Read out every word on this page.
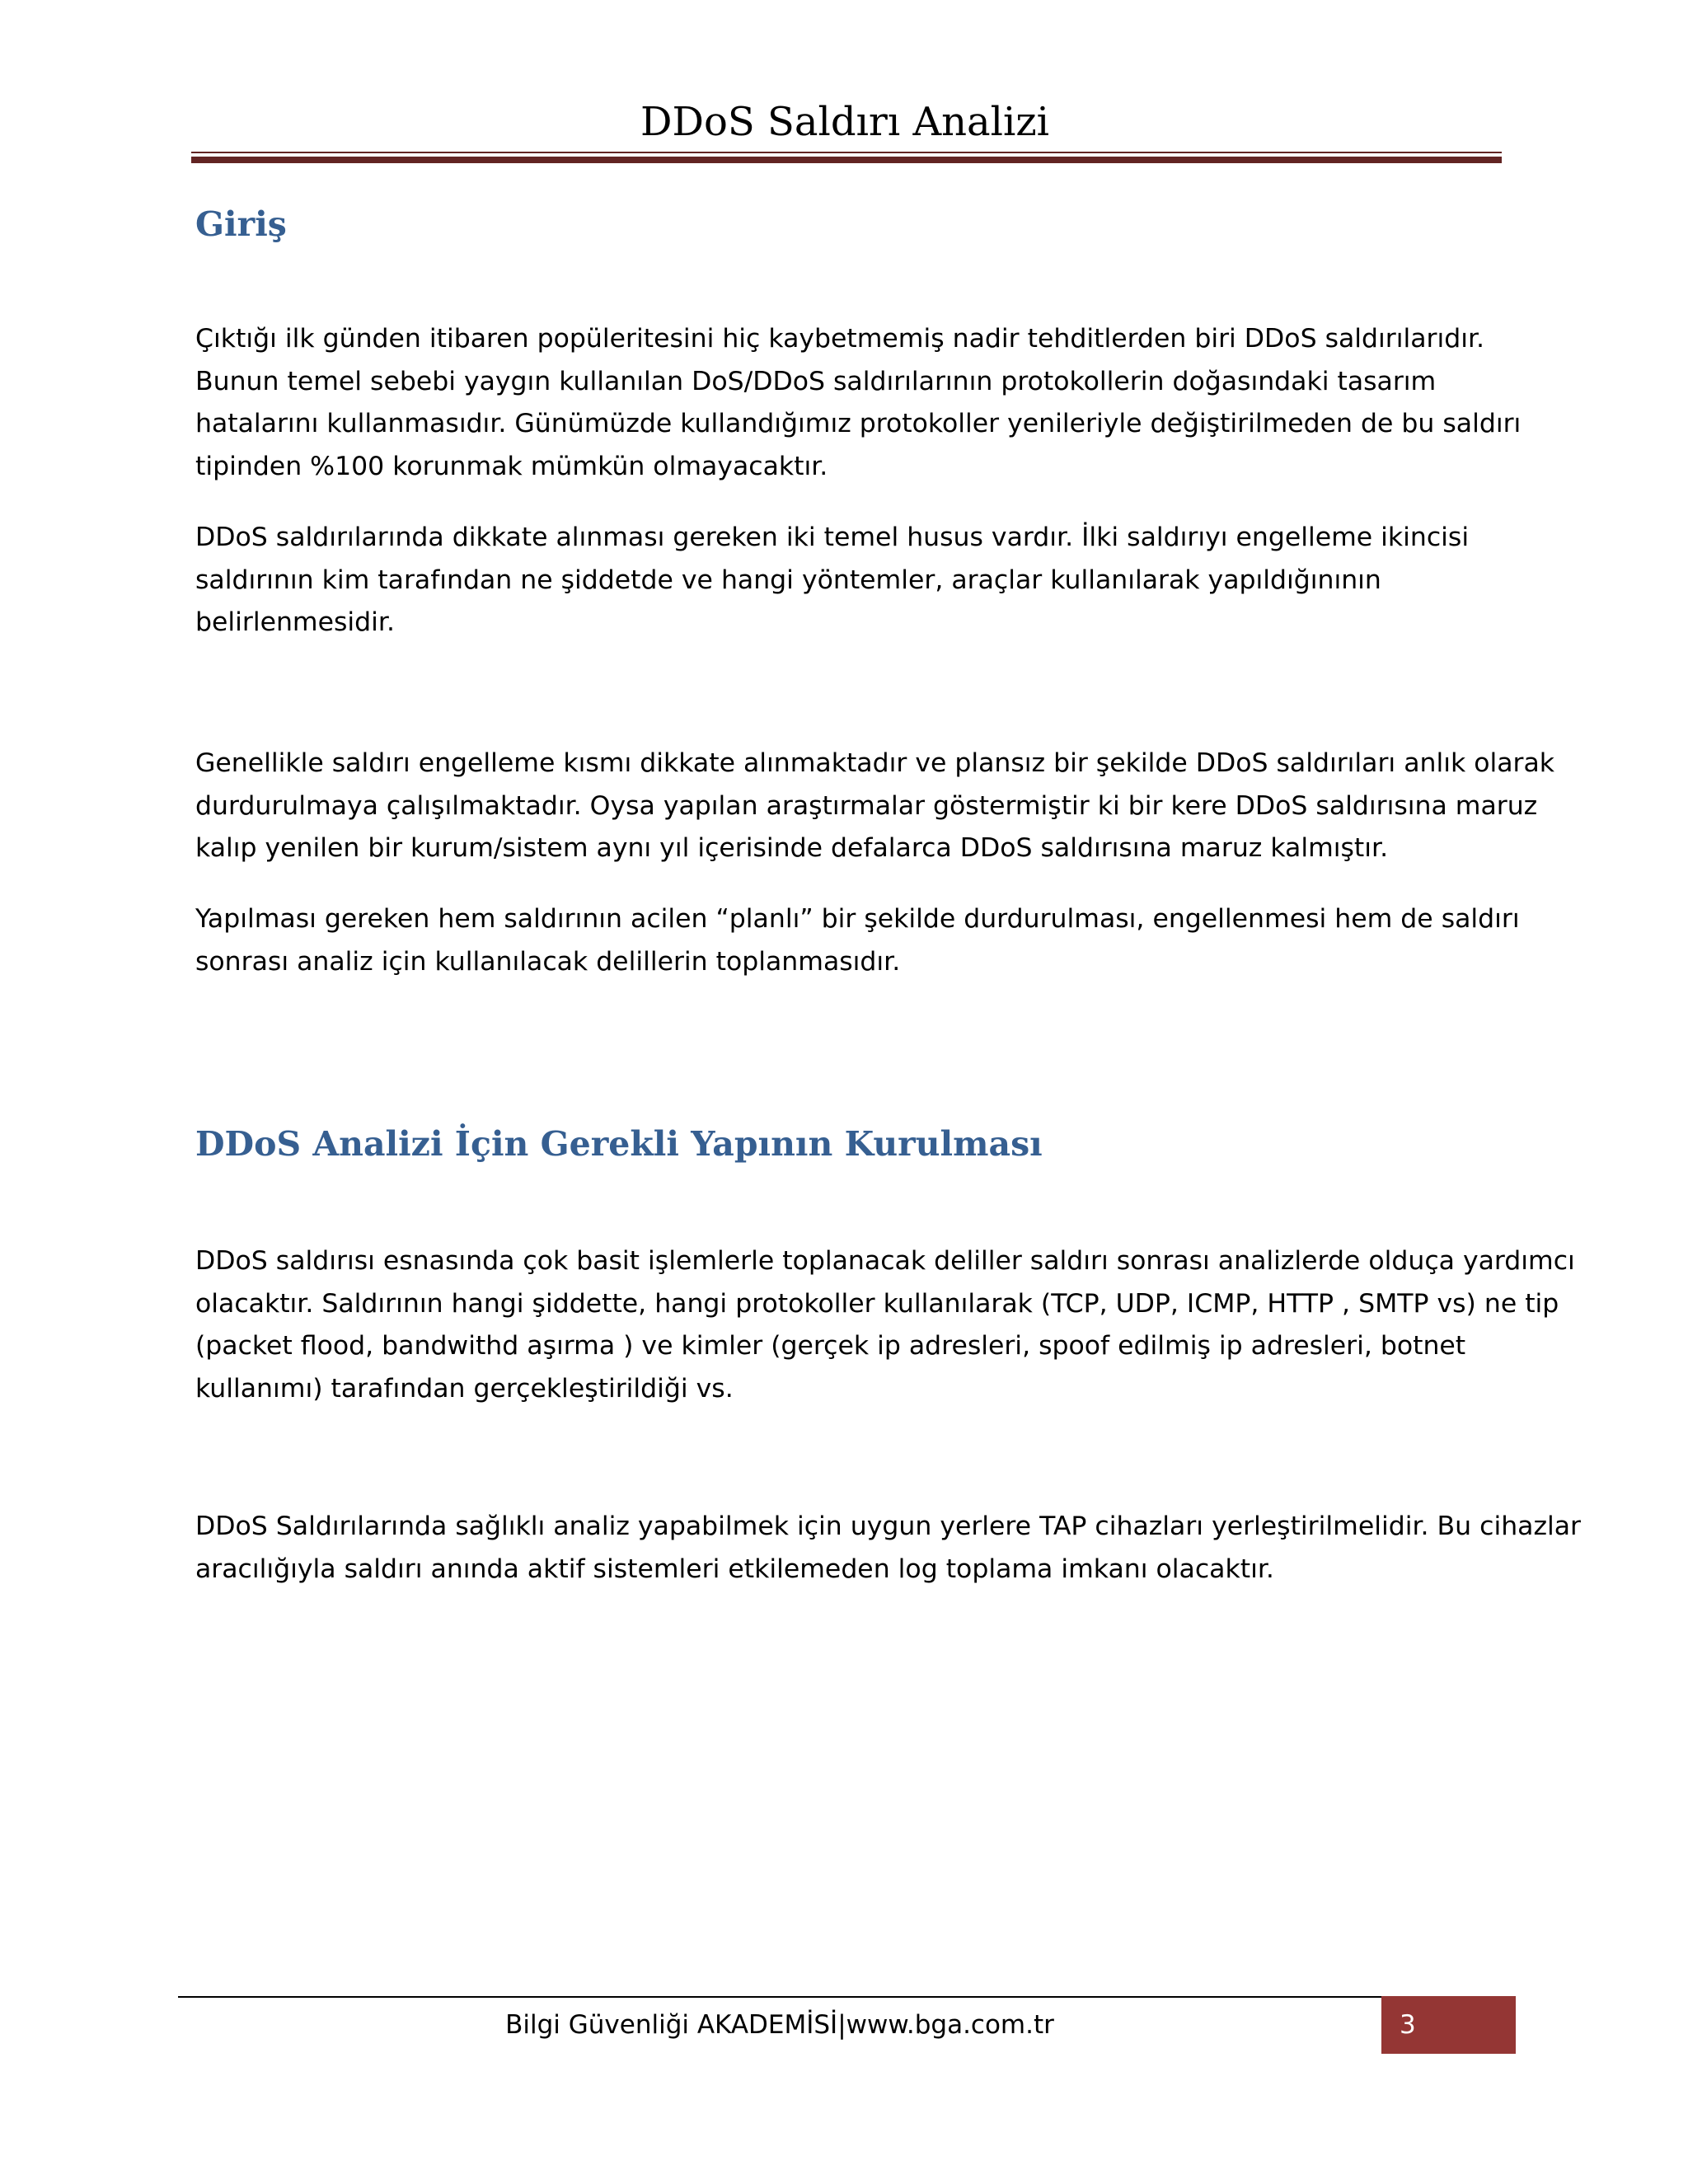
DDoS Saldırı Analizi
Giriş

Çıktığı ilk günden itibaren popüleritesini hiç kaybetmemiş nadir tehditlerden biri DDoS saldırılarıdır.
Bunun temel sebebi yaygın kullanılan DoS/DDoS saldırılarının protokollerin doğasındaki tasarım
hatalarını kullanmasıdır. Günümüzde kullandığımız protokoller yenileriyle değiştirilmeden de bu saldırı
tipinden %100 korunmak mümkün olmayacaktır.

DDoS saldırılarında dikkate alınması gereken iki temel husus vardır. İlki saldırıyı engelleme ikincisi
saldırının kim tarafından ne şiddetde ve hangi yöntemler, araçlar kullanılarak yapıldığınının
belirlenmesidir.

Genellikle saldırı engelleme kısmı dikkate alınmaktadır ve plansız bir şekilde DDoS saldırıları anlık olarak
durdurulmaya çalışılmaktadır. Oysa yapılan araştırmalar göstermiştir ki bir kere DDoS saldırısına maruz
kalıp yenilen bir kurum/sistem aynı yıl içerisinde defalarca DDoS saldırısına maruz kalmıştır.

Yapılması gereken hem saldırının acilen “planlı” bir şekilde durdurulması, engellenmesi hem de saldırı
sonrası analiz için kullanılacak delillerin toplanmasıdır.

DDoS Analizi İçin Gerekli Yapının Kurulması

DDoS saldırısı esnasında çok basit işlemlerle toplanacak deliller saldırı sonrası analizlerde olduça yardımcı
olacaktır. Saldırının hangi şiddette, hangi protokoller kullanılarak (TCP, UDP, ICMP, HTTP , SMTP vs) ne tip
(packet flood, bandwithd aşırma ) ve kimler (gerçek ip adresleri, spoof edilmiş ip adresleri, botnet
kullanımı) tarafından gerçekleştirildiği vs.

DDoS Saldırılarında sağlıklı analiz yapabilmek için uygun yerlere TAP cihazları yerleştirilmelidir. Bu cihazlar
aracılığıyla saldırı anında aktif sistemleri etkilemeden log toplama imkanı olacaktır.

Bilgi Güvenliği AKADEMİSİ|www.bga.com.tr	3
